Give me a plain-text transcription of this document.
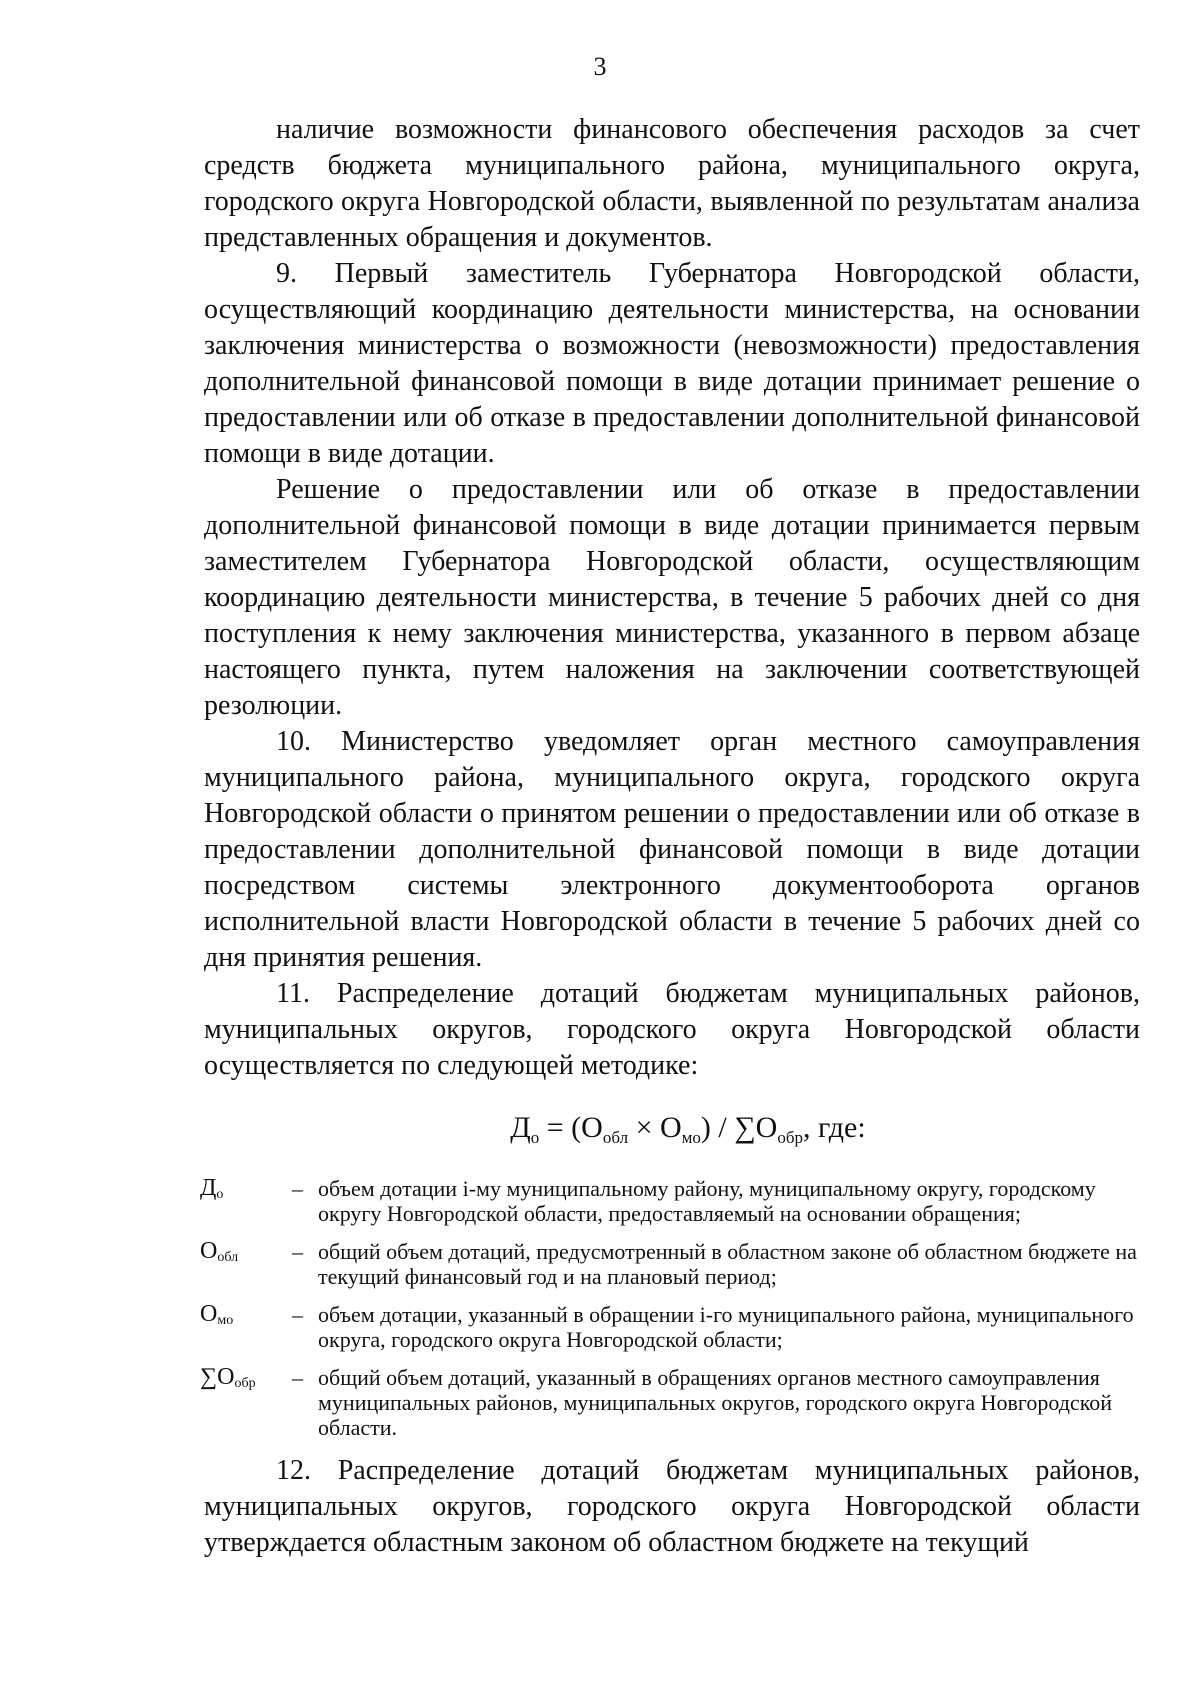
3

наличие возможности финансового обеспечения расходов за счет средств бюджета муниципального района, муниципального округа, городского округа Новгородской области, выявленной по результатам анализа представленных обращения и документов.

9. Первый заместитель Губернатора Новгородской области, осуществляющий координацию деятельности министерства, на основании заключения министерства о возможности (невозможности) предоставления дополнительной финансовой помощи в виде дотации принимает решение о предоставлении или об отказе в предоставлении дополнительной финансовой помощи в виде дотации.

Решение о предоставлении или об отказе в предоставлении дополнительной финансовой помощи в виде дотации принимается первым заместителем Губернатора Новгородской области, осуществляющим координацию деятельности министерства, в течение 5 рабочих дней со дня поступления к нему заключения министерства, указанного в первом абзаце настоящего пункта, путем наложения на заключении соответствующей резолюции.

10. Министерство уведомляет орган местного самоуправления муниципального района, муниципального округа, городского округа Новгородской области о принятом решении о предоставлении или об отказе в предоставлении дополнительной финансовой помощи в виде дотации посредством системы электронного документооборота органов исполнительной власти Новгородской области в течение 5 рабочих дней со дня принятия решения.

11. Распределение дотаций бюджетам муниципальных районов, муниципальных округов, городского округа Новгородской области осуществляется по следующей методике:

$Д_о = (О_{обл} \times О_{мо}) / \sum О_{обр}$, где:
$Д_о$	– объем дотации i-му муниципальному району, муниципальному округу, городскому округу Новгородской области, предоставляемый на основании обращения;
$О_{обл}$	– общий объем дотаций, предусмотренный в областном законе об областном бюджете на текущий финансовый год и на плановый период;
$О_{мо}$	– объем дотации, указанный в обращении i-го муниципального района, муниципального округа, городского округа Новгородской области;
$\sum О_{обр}$	– общий объем дотаций, указанный в обращениях органов местного самоуправления муниципальных районов, муниципальных округов, городского округа Новгородской области.

12. Распределение дотаций бюджетам муниципальных районов, муниципальных округов, городского округа Новгородской области утверждается областным законом об областном бюджете на текущий
